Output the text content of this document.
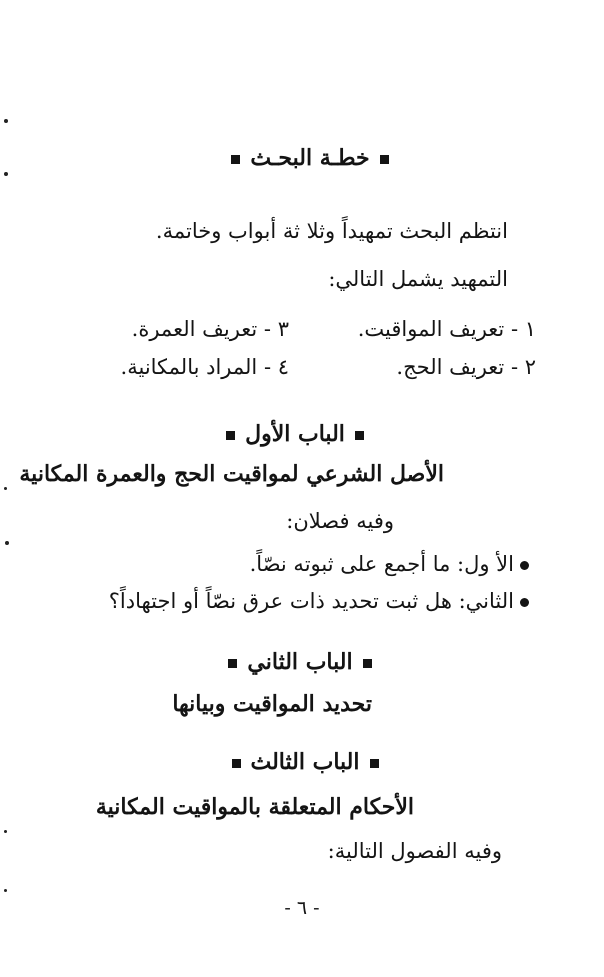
خطـة البحـث
انتظم البحث تمهيداً وثلا ثة أبواب وخاتمة.
التمهيد يشمل التالي:
١ - تعريف المواقيت.
٣ - تعريف العمرة.
٢ - تعريف الحج.
٤ - المراد بالمكانية.
الباب الأول
الأصل الشرعي لمواقيت الحج والعمرة المكانية
وفيه فصلان:
الأ ول: ما أجمع على ثبوته نصّاً.
الثاني: هل ثبت تحديد ذات عرق نصّاً أو اجتهاداً؟
الباب الثاني
تحديد المواقيت وبيانها
الباب الثالث
الأحكام المتعلقة بالمواقيت المكانية
وفيه الفصول التالية:
- ٦ -
